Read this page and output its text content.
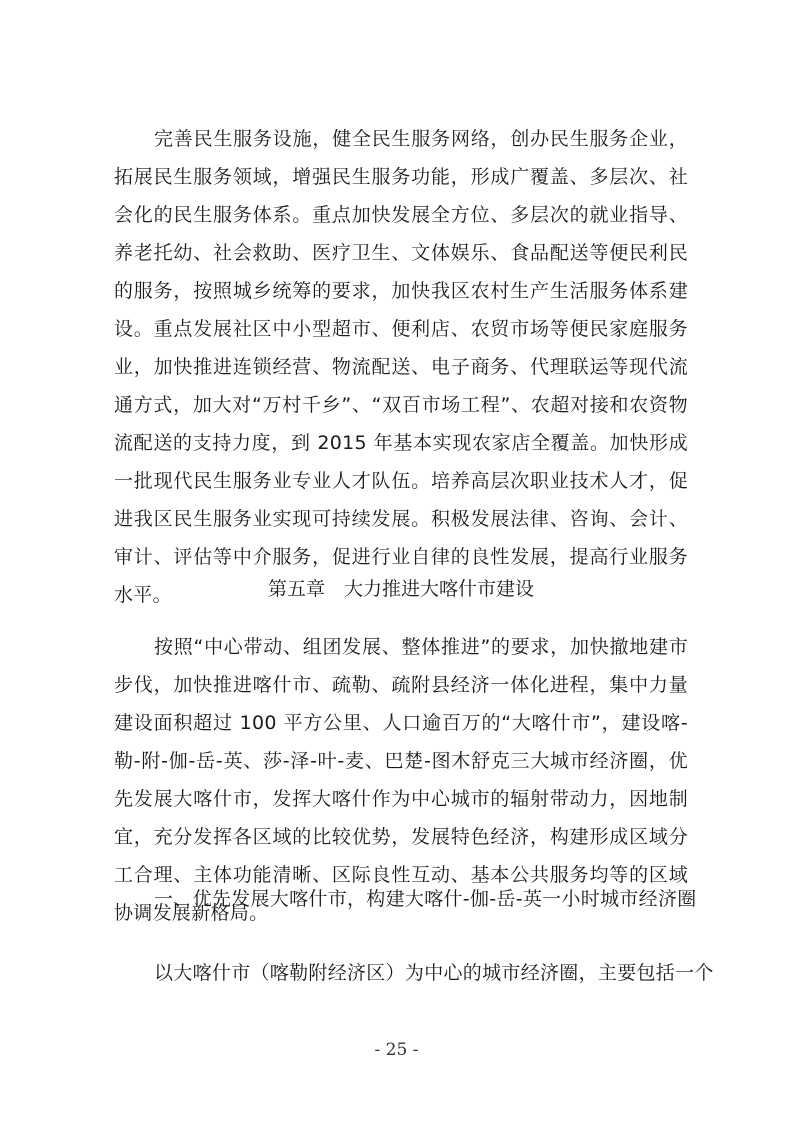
完善民生服务设施，健全民生服务网络，创办民生服务企业，拓展民生服务领域，增强民生服务功能，形成广覆盖、多层次、社会化的民生服务体系。重点加快发展全方位、多层次的就业指导、养老托幼、社会救助、医疗卫生、文体娱乐、食品配送等便民利民的服务，按照城乡统筹的要求，加快我区农村生产生活服务体系建设。重点发展社区中小型超市、便利店、农贸市场等便民家庭服务业，加快推进连锁经营、物流配送、电子商务、代理联运等现代流通方式，加大对“万村千乡”、“双百市场工程”、农超对接和农资物流配送的支持力度，到 2015 年基本实现农家店全覆盖。加快形成一批现代民生服务业专业人才队伍。培养高层次职业技术人才，促进我区民生服务业实现可持续发展。积极发展法律、咨询、会计、审计、评估等中介服务，促进行业自律的良性发展，提高行业服务水平。	第五章　大力推进大喀什市建设

按照“中心带动、组团发展、整体推进”的要求，加快撤地建市步伐，加快推进喀什市、疏勒、疏附县经济一体化进程，集中力量建设面积超过 100 平方公里、人口逾百万的“大喀什市”，建设喀-勒-附-伽-岳-英、莎-泽-叶-麦、巴楚-图木舒克三大城市经济圈，优先发展大喀什市，发挥大喀什作为中心城市的辐射带动力，因地制宜，充分发挥各区域的比较优势，发展特色经济，构建形成区域分工合理、主体功能清晰、区际良性互动、基本公共服务均等的区域协调发展新格局。

一、优先发展大喀什市，构建大喀什-伽-岳-英一小时城市经济圈

以大喀什市（喀勒附经济区）为中心的城市经济圈，主要包括一个

- 25 -
